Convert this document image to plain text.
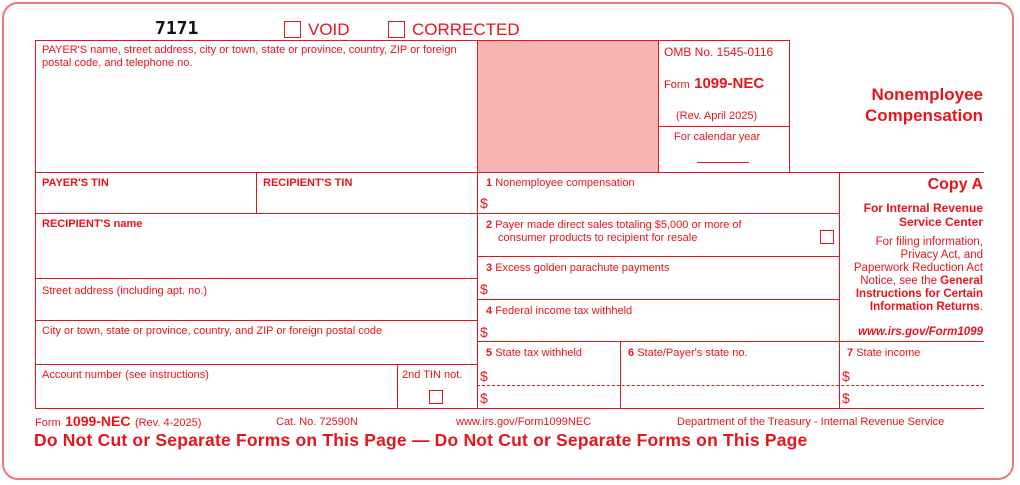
7171	VOID	CORRECTED
PAYER'S name, street address, city or town, state or province, country, ZIP or foreign postal code, and telephone no.
OMB No. 1545-0116
Form 1099-NEC
(Rev. April 2025)
For calendar year
Nonemployee
Compensation
PAYER'S TIN	RECIPIENT'S TIN
RECIPIENT'S name
Street address (including apt. no.)
City or town, state or province, country, and ZIP or foreign postal code
Account number (see instructions)	2nd TIN not.
1 Nonemployee compensation
$
2 Payer made direct sales totaling $5,000 or more of
consumer products to recipient for resale
3 Excess golden parachute payments
$
4 Federal income tax withheld
$
5 State tax withheld
$
$
6 State/Payer's state no.	7 State income
$
$
Copy A
For Internal Revenue
Service Center
For filing information,
Privacy Act, and
Paperwork Reduction Act
Notice, see the General
Instructions for Certain
Information Returns.
www.irs.gov/Form1099
Form 1099-NEC (Rev. 4-2025)	Cat. No. 72590N	www.irs.gov/Form1099NEC	Department of the Treasury - Internal Revenue Service
Do Not Cut or Separate Forms on This Page — Do Not Cut or Separate Forms on This Page
